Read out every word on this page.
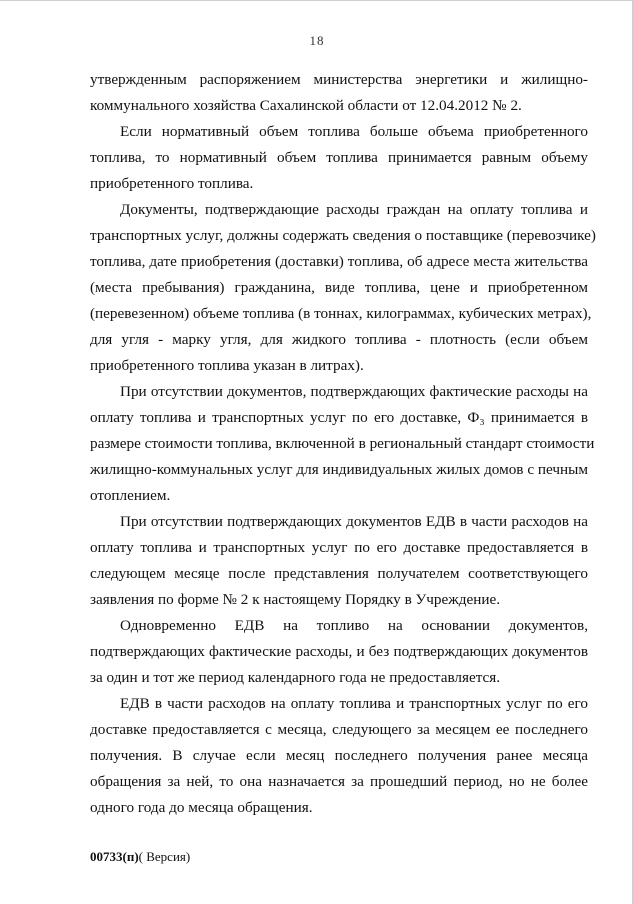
18
утвержденным распоряжением министерства энергетики и жилищно-
коммунального хозяйства Сахалинской области от 12.04.2012 № 2.
Если нормативный объем топлива больше объема приобретенного
топлива, то нормативный объем топлива принимается равным объему
приобретенного топлива.
Документы, подтверждающие расходы граждан на оплату топлива и
транспортных услуг, должны содержать сведения о поставщике (перевозчике)
топлива, дате приобретения (доставки) топлива, об адресе места жительства
(места пребывания) гражданина, виде топлива, цене и приобретенном
(перевезенном) объеме топлива (в тоннах, килограммах, кубических метрах),
для угля - марку угля, для жидкого топлива - плотность (если объем
приобретенного топлива указан в литрах).
При отсутствии документов, подтверждающих фактические расходы на
оплату топлива и транспортных услуг по его доставке, Ф₃ принимается в
размере стоимости топлива, включенной в региональный стандарт стоимости
жилищно-коммунальных услуг для индивидуальных жилых домов с печным
отоплением.
При отсутствии подтверждающих документов ЕДВ в части расходов на
оплату топлива и транспортных услуг по его доставке предоставляется в
следующем месяце после представления получателем соответствующего
заявления по форме № 2 к настоящему Порядку в Учреждение.
Одновременно ЕДВ на топливо на основании документов,
подтверждающих фактические расходы, и без подтверждающих документов
за один и тот же период календарного года не предоставляется.
ЕДВ в части расходов на оплату топлива и транспортных услуг по его
доставке предоставляется с месяца, следующего за месяцем ее последнего
получения. В случае если месяц последнего получения ранее месяца
обращения за ней, то она назначается за прошедший период, но не более
одного года до месяца обращения.
00733(п)( Версия)
